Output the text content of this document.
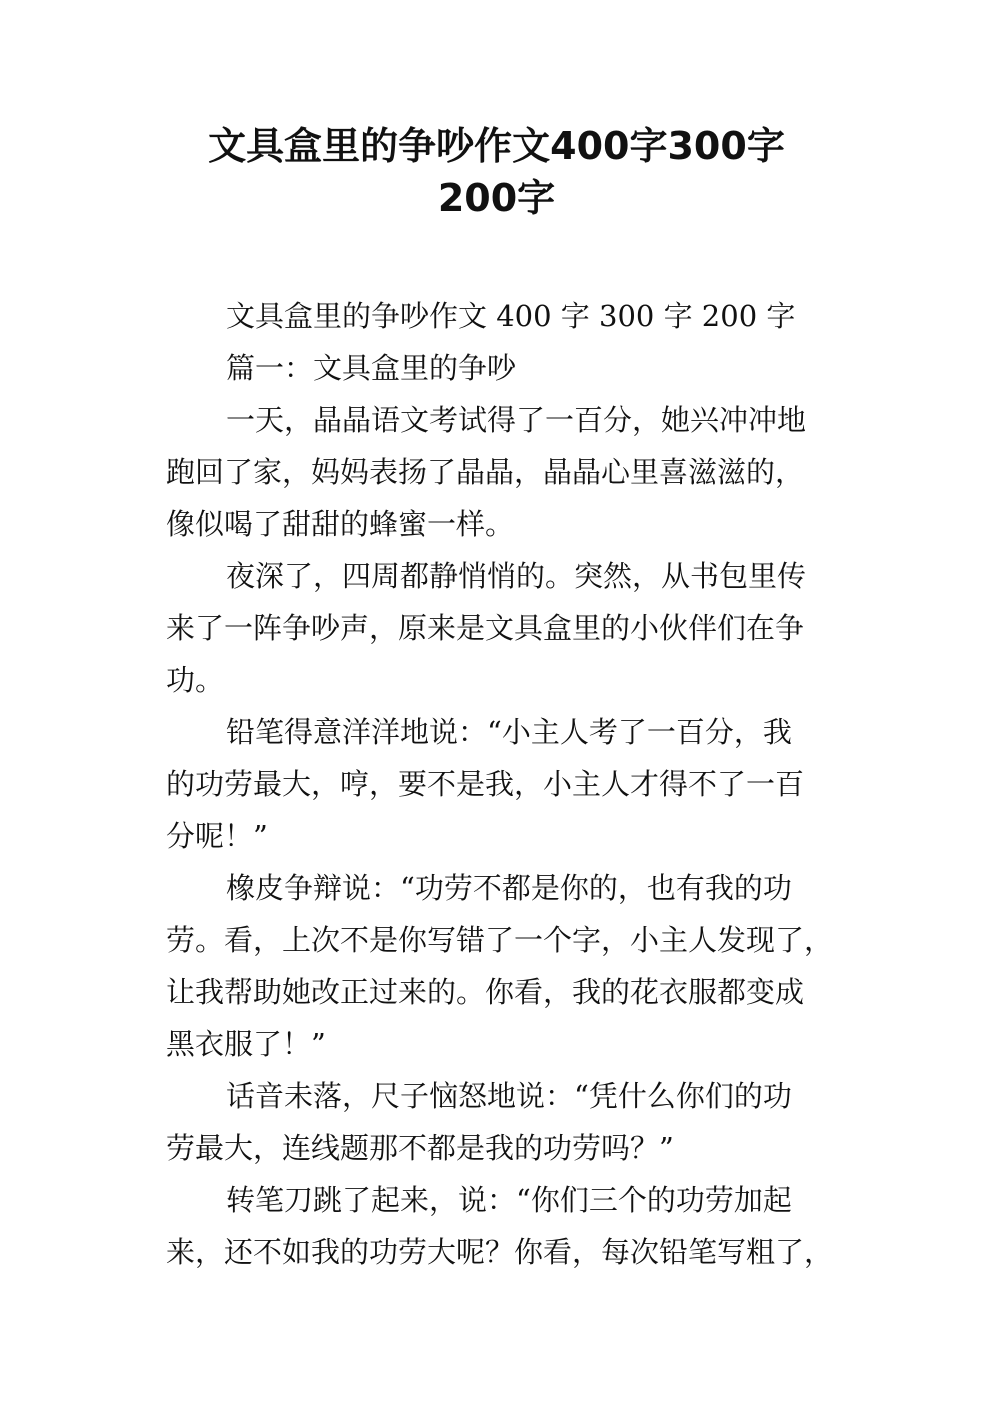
文具盒里的争吵作文400字300字
200字

文具盒里的争吵作文 400 字 300 字 200 字

篇一：文具盒里的争吵

一天，晶晶语文考试得了一百分，她兴冲冲地
跑回了家，妈妈表扬了晶晶，晶晶心里喜滋滋的，
像似喝了甜甜的蜂蜜一样。

夜深了，四周都静悄悄的。突然，从书包里传
来了一阵争吵声，原来是文具盒里的小伙伴们在争
功。

铅笔得意洋洋地说：“小主人考了一百分，我
的功劳最大，哼，要不是我，小主人才得不了一百
分呢！”

橡皮争辩说：“功劳不都是你的，也有我的功
劳。看，上次不是你写错了一个字，小主人发现了，
让我帮助她改正过来的。你看，我的花衣服都变成
黑衣服了！”

话音未落，尺子恼怒地说：“凭什么你们的功
劳最大，连线题那不都是我的功劳吗？”

转笔刀跳了起来，说：“你们三个的功劳加起
来，还不如我的功劳大呢？你看，每次铅笔写粗了，
